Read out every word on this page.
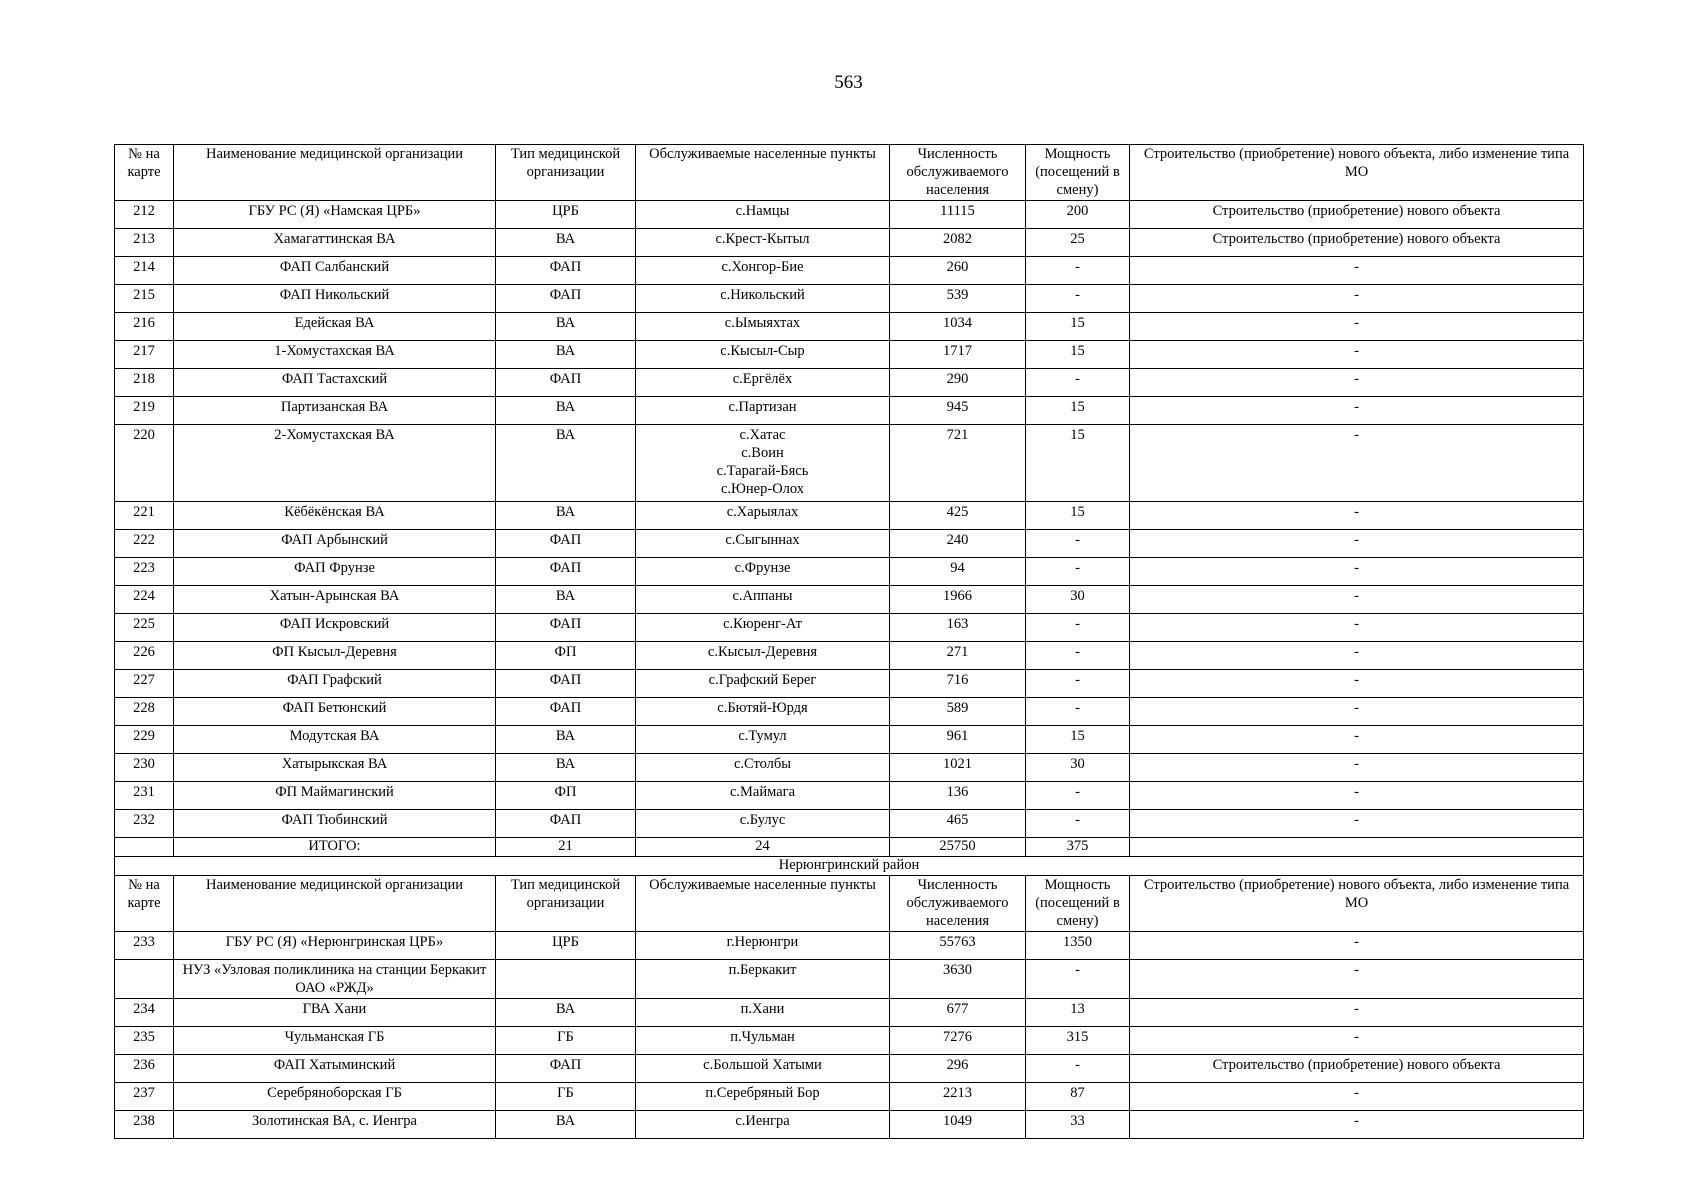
563
№ на карте	Наименование медицинской организации	Тип медицинской организации	Обслуживаемые населенные пункты	Численность обслуживаемого населения	Мощность (посещений в смену)	Строительство (приобретение) нового объекта, либо изменение типа МО
212	ГБУ РС (Я) «Намская ЦРБ»	ЦРБ	с.Намцы	11115	200	Строительство (приобретение) нового объекта
213	Хамагаттинская ВА	ВА	с.Крест-Кытыл	2082	25	Строительство (приобретение) нового объекта
214	ФАП Салбанский	ФАП	с.Хонгор-Бие	260	-	-
215	ФАП Никольский	ФАП	с.Никольский	539	-	-
216	Едейская ВА	ВА	с.Ымыяхтах	1034	15	-
217	1-Хомустахская ВА	ВА	с.Кысыл-Сыр	1717	15	-
218	ФАП Тастахский	ФАП	с.Ергёлёх	290	-	-
219	Партизанская ВА	ВА	с.Партизан	945	15	-
220	2-Хомустахская ВА	ВА	с.Хатас
с.Воин
с.Тарагай-Бясь
с.Юнер-Олох	721	15	-
221	Кёбёкёнская ВА	ВА	с.Харыялах	425	15	-
222	ФАП Арбынский	ФАП	с.Сыгыннах	240	-	-
223	ФАП Фрунзе	ФАП	с.Фрунзе	94	-	-
224	Хатын-Арынская ВА	ВА	с.Аппаны	1966	30	-
225	ФАП Искровский	ФАП	с.Кюренг-Ат	163	-	-
226	ФП Кысыл-Деревня	ФП	с.Кысыл-Деревня	271	-	-
227	ФАП Графский	ФАП	с.Графский Берег	716	-	-
228	ФАП Бетюнский	ФАП	с.Бютяй-Юрдя	589	-	-
229	Модутская ВА	ВА	с.Тумул	961	15	-
230	Хатырыкская ВА	ВА	с.Столбы	1021	30	-
231	ФП Маймагинский	ФП	с.Маймага	136	-	-
232	ФАП Тюбинский	ФАП	с.Булус	465	-	-
	ИТОГО:	21	24	25750	375	
Нерюнгринский район						
№ на карте	Наименование медицинской организации	Тип медицинской организации	Обслуживаемые населенные пункты	Численность обслуживаемого населения	Мощность (посещений в смену)	Строительство (приобретение) нового объекта, либо изменение типа МО
233	ГБУ РС (Я) «Нерюнгринская ЦРБ»	ЦРБ	г.Нерюнгри	55763	1350	-
	НУЗ «Узловая поликлиника на станции Беркакит ОАО «РЖД»		п.Беркакит	3630	-	-
234	ГВА Хани	ВА	п.Хани	677	13	-
235	Чульманская ГБ	ГБ	п.Чульман	7276	315	-
236	ФАП Хатыминский	ФАП	с.Большой Хатыми	296	-	Строительство (приобретение) нового объекта
237	Серебряноборская ГБ	ГБ	п.Серебряный Бор	2213	87	-
238	Золотинская ВА, с. Иенгра	ВА	с.Иенгра	1049	33	-
